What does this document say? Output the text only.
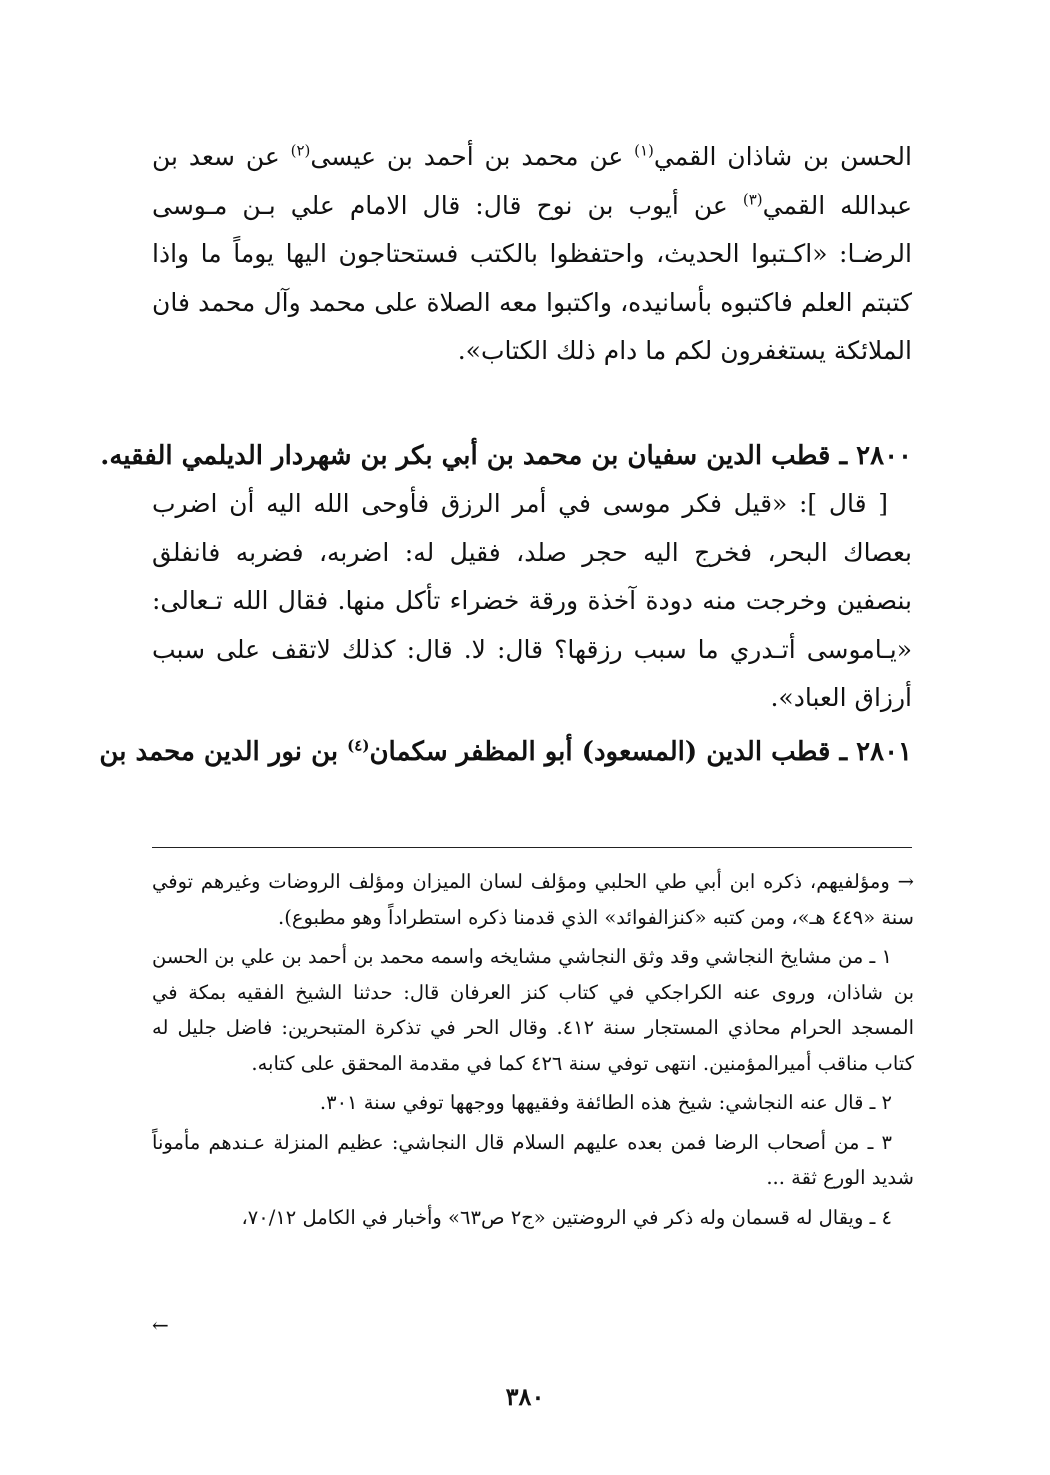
الحسن بن شاذان القمي$^{(١)}$ عن محمد بن أحمد بن عيسى$^{(٢)}$ عن سعد بن عبدالله القمي$^{(٣)}$ عن أيوب بن نوح قال: قال الامام علي بـن مـوسى الرضـا: «اكـتبوا الحديث، واحتفظوا بالكتب فستحتاجون اليها يوماً ما واذا كتبتم العلم فاكتبوه بأسانيده، واكتبوا معه الصلاة على محمد وآل محمد فان الملائكة يستغفرون لكم ما دام ذلك الكتاب».

٢٨٠٠ ـ قطب الدين سفيان بن محمد بن أبي بكر بن شهردار الديلمي الفقيه.

[ قال ]: «قيل فكر موسى في أمر الرزق فأوحى الله اليه أن اضرب بعصاك البحر، فخرج اليه حجر صلد، فقيل له: اضربه، فضربه فانفلق بنصفين وخرجت منه دودة آخذة ورقة خضراء تأكل منها. فقال الله تـعالى: «يـاموسى أتـدري ما سبب رزقها؟ قال: لا. قال: كذلك لاتقف على سبب أرزاق العباد».

٢٨٠١ ـ قطب الدين (المسعود) أبو المظفر سكمان$^{(٤)}$ بن نور الدين محمد بن

→ ومؤلفيهم، ذكره ابن أبي طي الحلبي ومؤلف لسان الميزان ومؤلف الروضات وغيرهم توفي سنة «٤٤٩ هـ»، ومن كتبه «كنزالفوائد» الذي قدمنا ذكره استطراداً وهو مطبوع).

١ ـ من مشايخ النجاشي وقد وثق النجاشي مشايخه واسمه محمد بن أحمد بن علي بن الحسن بن شاذان، وروى عنه الكراجكي في كتاب كنز العرفان قال: حدثنا الشيخ الفقيه بمكة في المسجد الحرام محاذي المستجار سنة ٤١٢. وقال الحر في تذكرة المتبحرين: فاضل جليل له كتاب مناقب أميرالمؤمنين. انتهى توفي سنة ٤٢٦ كما في مقدمة المحقق على كتابه.

٢ ـ قال عنه النجاشي: شيخ هذه الطائفة وفقيهها ووجهها توفي سنة ٣٠١.

٣ ـ من أصحاب الرضا فمن بعده عليهم السلام قال النجاشي: عظيم المنزلة عـندهم مأموناً شديد الورع ثقة ...

٤ ـ ويقال له قسمان وله ذكر في الروضتين «ج٢ ص٦٣» وأخبار في الكامل ٧٠/١٢،

←
٣٨٠
